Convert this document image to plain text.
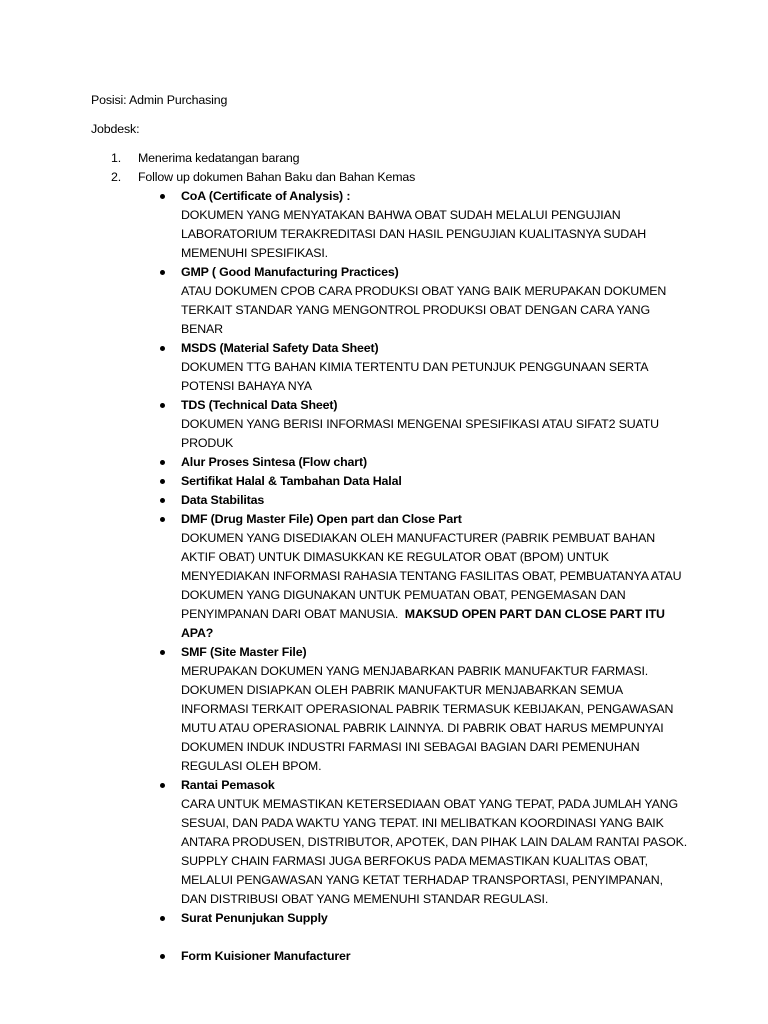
Posisi: Admin Purchasing

Jobdesk:

1. Menerima kedatangan barang
2. Follow up dokumen Bahan Baku dan Bahan Kemas
CoA (Certificate of Analysis) :
DOKUMEN YANG MENYATAKAN BAHWA OBAT SUDAH MELALUI PENGUJIAN LABORATORIUM TERAKREDITASI DAN HASIL PENGUJIAN KUALITASNYA SUDAH MEMENUHI SPESIFIKASI.
GMP ( Good Manufacturing Practices)
ATAU DOKUMEN CPOB CARA PRODUKSI OBAT YANG BAIK MERUPAKAN DOKUMEN TERKAIT STANDAR YANG MENGONTROL PRODUKSI OBAT DENGAN CARA YANG BENAR
MSDS (Material Safety Data Sheet)
DOKUMEN TTG BAHAN KIMIA TERTENTU DAN PETUNJUK PENGGUNAAN SERTA POTENSI BAHAYA NYA
TDS (Technical Data Sheet)
DOKUMEN YANG BERISI INFORMASI MENGENAI SPESIFIKASI ATAU SIFAT2 SUATU PRODUK
Alur Proses Sintesa (Flow chart)
Sertifikat Halal & Tambahan Data Halal
Data Stabilitas
DMF (Drug Master File) Open part dan Close Part
DOKUMEN YANG DISEDIAKAN OLEH MANUFACTURER (PABRIK PEMBUAT BAHAN AKTIF OBAT) UNTUK DIMASUKKAN KE REGULATOR OBAT (BPOM) UNTUK MENYEDIAKAN INFORMASI RAHASIA TENTANG FASILITAS OBAT, PEMBUATANYA ATAU DOKUMEN YANG DIGUNAKAN UNTUK PEMUATAN OBAT, PENGEMASAN DAN PENYIMPANAN DARI OBAT MANUSIA. MAKSUD OPEN PART DAN CLOSE PART ITU APA?
SMF (Site Master File)
MERUPAKAN DOKUMEN YANG MENJABARKAN PABRIK MANUFAKTUR FARMASI. DOKUMEN DISIAPKAN OLEH PABRIK MANUFAKTUR MENJABARKAN SEMUA INFORMASI TERKAIT OPERASIONAL PABRIK TERMASUK KEBIJAKAN, PENGAWASAN MUTU ATAU OPERASIONAL PABRIK LAINNYA. DI PABRIK OBAT HARUS MEMPUNYAI DOKUMEN INDUK INDUSTRI FARMASI INI SEBAGAI BAGIAN DARI PEMENUHAN REGULASI OLEH BPOM.
Rantai Pemasok
CARA UNTUK MEMASTIKAN KETERSEDIAAN OBAT YANG TEPAT, PADA JUMLAH YANG SESUAI, DAN PADA WAKTU YANG TEPAT. INI MELIBATKAN KOORDINASI YANG BAIK ANTARA PRODUSEN, DISTRIBUTOR, APOTEK, DAN PIHAK LAIN DALAM RANTAI PASOK. SUPPLY CHAIN FARMASI JUGA BERFOKUS PADA MEMASTIKAN KUALITAS OBAT, MELALUI PENGAWASAN YANG KETAT TERHADAP TRANSPORTASI, PENYIMPANAN, DAN DISTRIBUSI OBAT YANG MEMENUHI STANDAR REGULASI.
Surat Penunjukan Supply
Form Kuisioner Manufacturer
